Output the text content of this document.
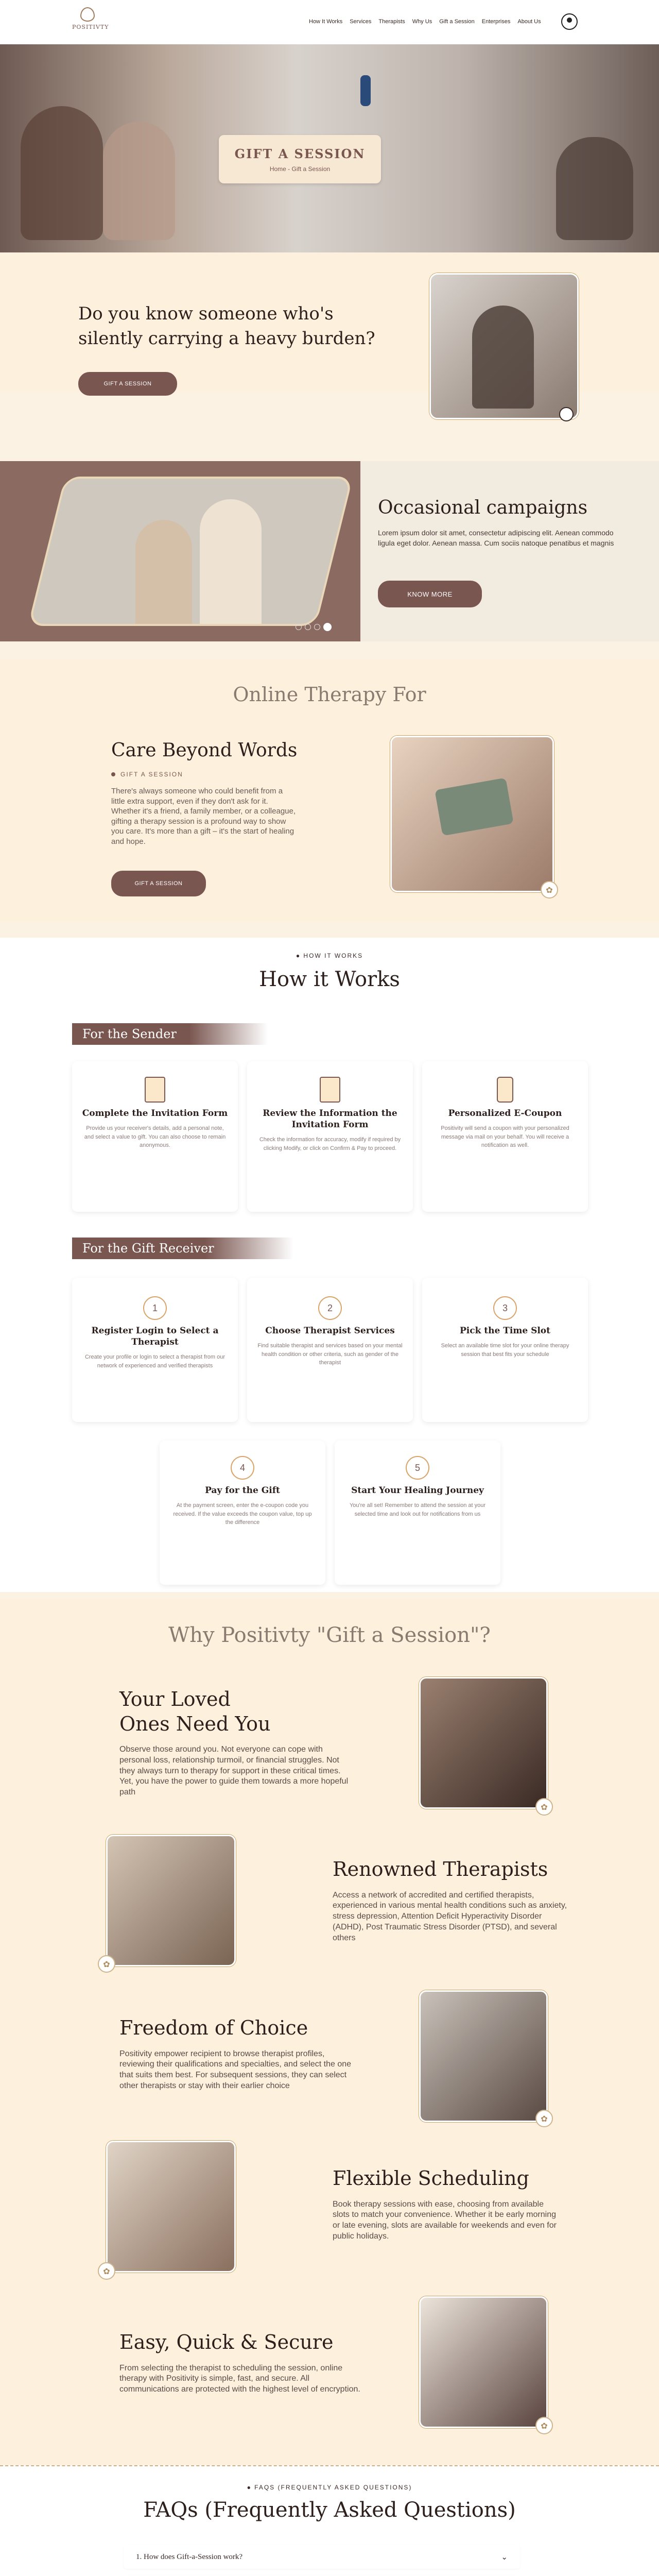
POSITIVTY
How It Works Services Therapists Why Us Gift a Session Enterprises About Us
GIFT A SESSION
Home - Gift a Session
Do you know someone who's silently carrying a heavy burden?
GIFT A SESSION
Occasional campaigns
Lorem ipsum dolor sit amet, consectetur adipiscing elit. Aenean commodo ligula eget dolor. Aenean massa. Cum sociis natoque penatibus et magnis
KNOW MORE
Online Therapy For
Care Beyond Words
GIFT A SESSION
There's always someone who could benefit from a little extra support, even if they don't ask for it. Whether it's a friend, a family member, or a colleague, gifting a therapy session is a profound way to show you care. It's more than a gift – it's the start of healing and hope.
GIFT A SESSION
✿
● HOW IT WORKS
How it Works
For the Sender
Complete the Invitation Form

Provide us your receiver's details, add a personal note, and select a value to gift. You can also choose to remain anonymous.

Review the Information the Invitation Form

Check the information for accuracy, modify if required by clicking Modify, or click on Confirm & Pay to proceed.

Personalized E-Coupon

Positivity will send a coupon with your personalized message via mail on your behalf. You will receive a notification as well.

For the Gift Receiver
1
Register Login to Select a Therapist

Create your profile or login to select a therapist from our network of experienced and verified therapists

2
Choose Therapist Services

Find suitable therapist and services based on your mental health condition or other criteria, such as gender of the therapist

3
Pick the Time Slot

Select an available time slot for your online therapy session that best fits your schedule

4
Pay for the Gift

At the payment screen, enter the e-coupon code you received. If the value exceeds the coupon value, top up the difference

5
Start Your Healing Journey

You're all set! Remember to attend the session at your selected time and look out for notifications from us

Why Positivty "Gift a Session"?
Your Loved Ones Need You
Observe those around you. Not everyone can cope with personal loss, relationship turmoil, or financial struggles. Not they always turn to therapy for support in these critical times. Yet, you have the power to guide them towards a more hopeful path
✿
✿
Renowned Therapists
Access a network of accredited and certified therapists, experienced in various mental health conditions such as anxiety, stress depression, Attention Deficit Hyperactivity Disorder (ADHD), Post Traumatic Stress Disorder (PTSD), and several others
Freedom of Choice
Positivity empower recipient to browse therapist profiles, reviewing their qualifications and specialties, and select the one that suits them best. For subsequent sessions, they can select other therapists or stay with their earlier choice
✿
✿
Flexible Scheduling
Book therapy sessions with ease, choosing from available slots to match your convenience. Whether it be early morning or late evening, slots are available for weekends and even for public holidays.
Easy, Quick & Secure
From selecting the therapist to scheduling the session, online therapy with Positivity is simple, fast, and secure. All communications are protected with the highest level of encryption.
✿
● FAQS (FREQUENTLY ASKED QUESTIONS)
FAQs (Frequently Asked Questions)
1. How does Gift-a-Session work?	⌄
